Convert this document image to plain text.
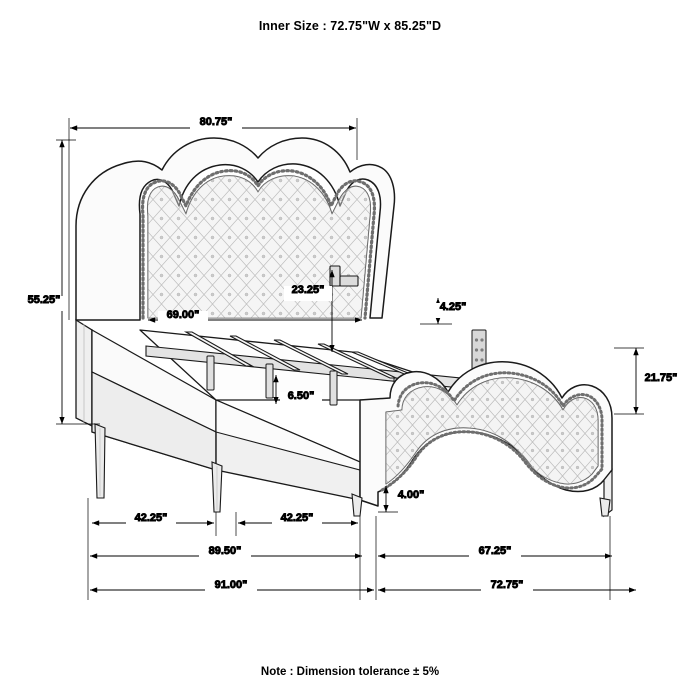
Inner Size : 72.75"W x 85.25"D
80.75"
55.25"
69.00"
23.25"
4.25"
6.50"
21.75"
4.00"
42.25"	42.25"
89.50"	67.25"
91.00"	72.75"
Note : Dimension tolerance ± 5%
